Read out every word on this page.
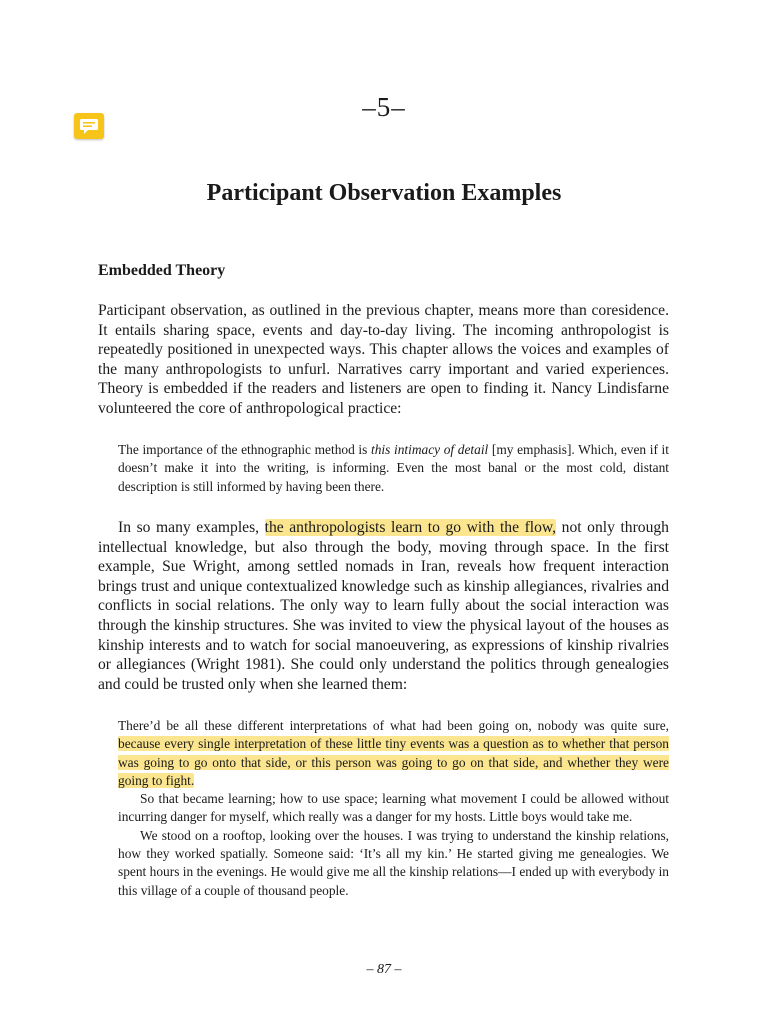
–5–
Participant Observation Examples
Embedded Theory

Participant observation, as outlined in the previous chapter, means more than coresidence. It entails sharing space, events and day-to-day living. The incoming anthropologist is repeatedly positioned in unexpected ways. This chapter allows the voices and examples of the many anthropologists to unfurl. Narratives carry important and varied experiences. Theory is embedded if the readers and listeners are open to finding it. Nancy Lindisfarne volunteered the core of anthropological practice:

The importance of the ethnographic method is this intimacy of detail [my emphasis]. Which, even if it doesn’t make it into the writing, is informing. Even the most banal or the most cold, distant description is still informed by having been there.

In so many examples, the anthropologists learn to go with the flow, not only through intellectual knowledge, but also through the body, moving through space. In the first example, Sue Wright, among settled nomads in Iran, reveals how frequent interaction brings trust and unique contextualized knowledge such as kinship allegiances, rivalries and conflicts in social relations. The only way to learn fully about the social interaction was through the kinship structures. She was invited to view the physical layout of the houses as kinship interests and to watch for social manoeuvering, as expressions of kinship rivalries or allegiances (Wright 1981). She could only understand the politics through genealogies and could be trusted only when she learned them:

There’d be all these different interpretations of what had been going on, nobody was quite sure, because every single interpretation of these little tiny events was a question as to whether that person was going to go onto that side, or this person was going to go on that side, and whether they were going to fight.

So that became learning; how to use space; learning what movement I could be allowed without incurring danger for myself, which really was a danger for my hosts. Little boys would take me.

We stood on a rooftop, looking over the houses. I was trying to understand the kinship relations, how they worked spatially. Someone said: ‘It’s all my kin.’ He started giving me genealogies. We spent hours in the evenings. He would give me all the kinship relations—I ended up with everybody in this village of a couple of thousand people.

– 87 –
